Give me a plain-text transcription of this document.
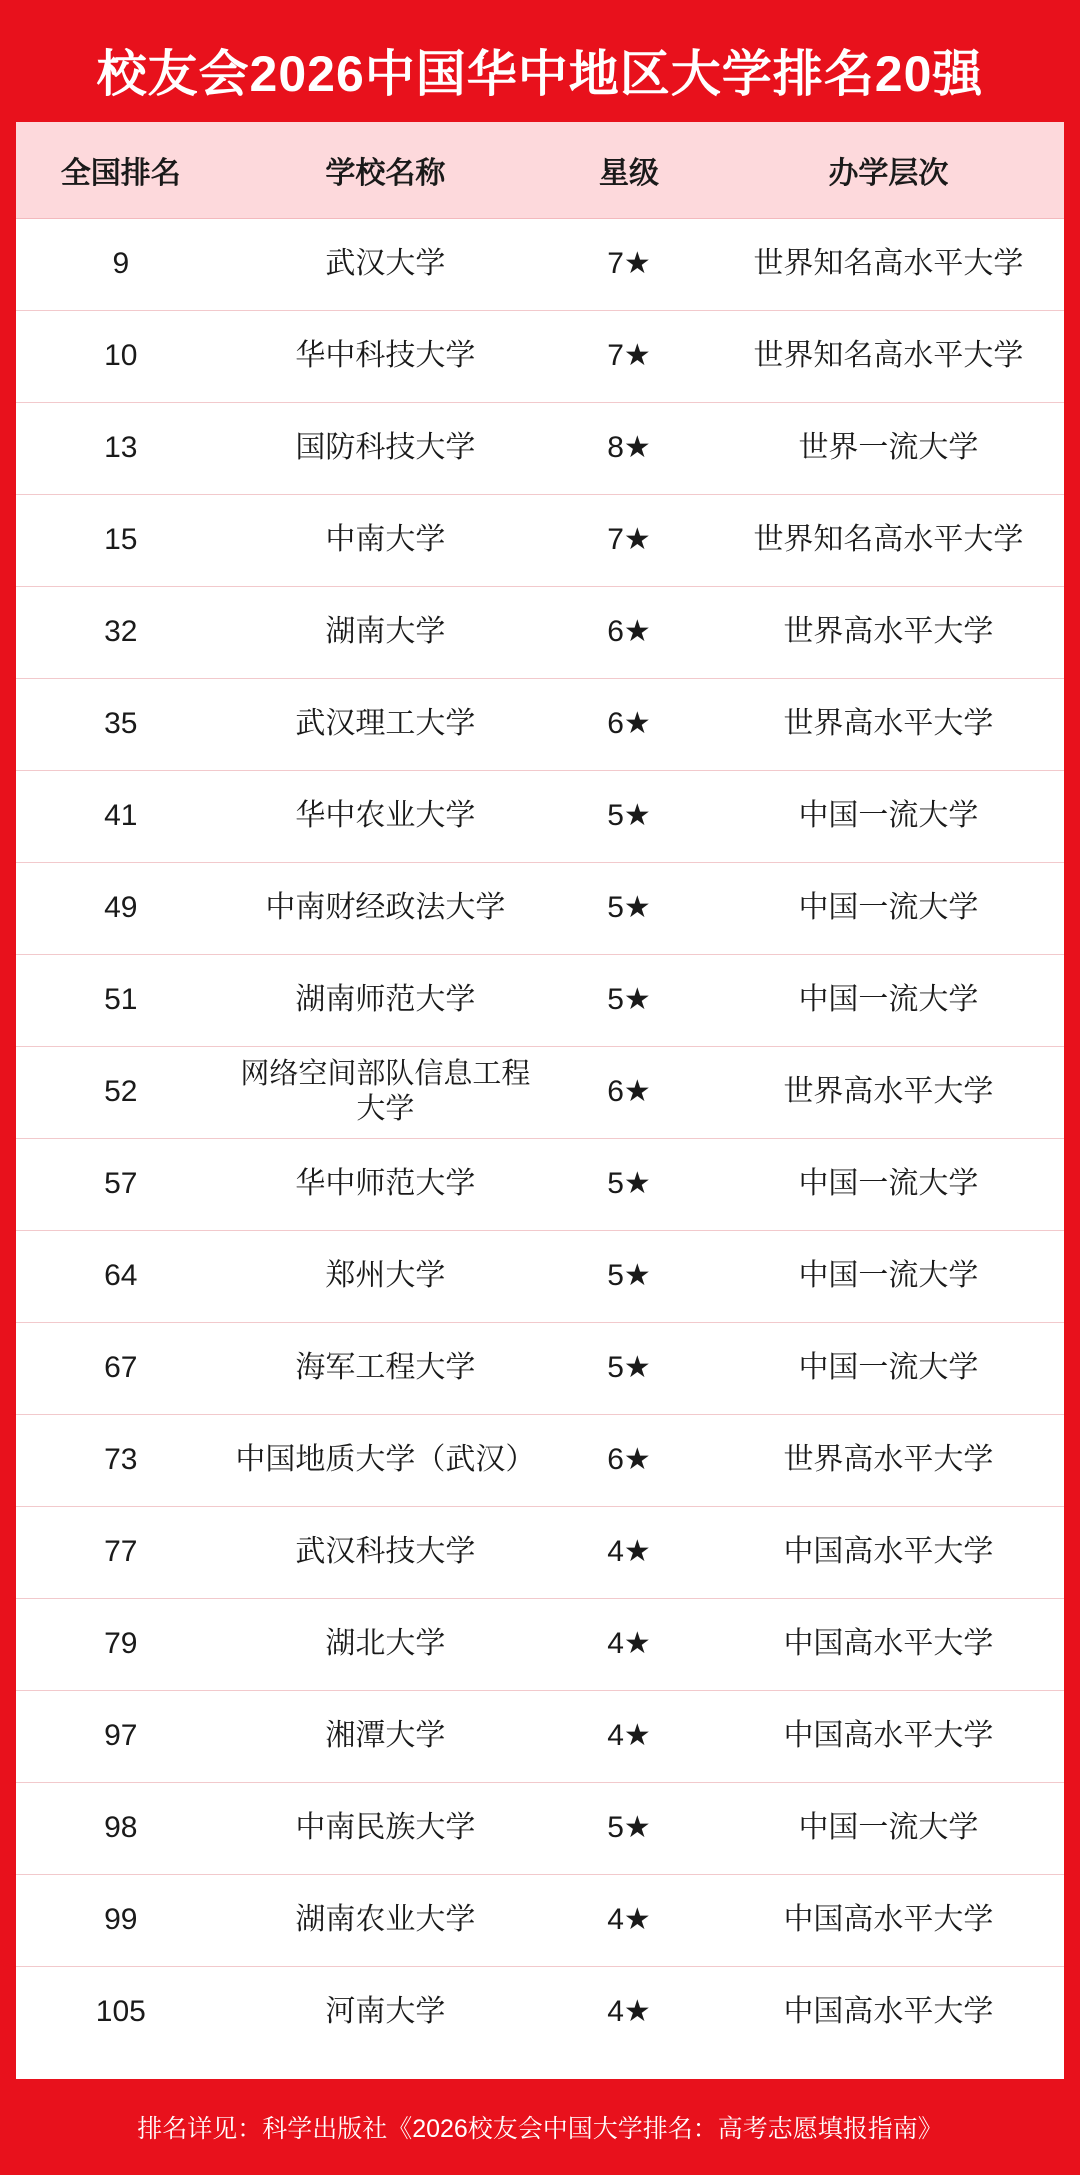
校友会2026中国华中地区大学排名20强
全国排名	学校名称	星级	办学层次
9	武汉大学	7★	世界知名高水平大学
10	华中科技大学	7★	世界知名高水平大学
13	国防科技大学	8★	世界一流大学
15	中南大学	7★	世界知名高水平大学
32	湖南大学	6★	世界高水平大学
35	武汉理工大学	6★	世界高水平大学
41	华中农业大学	5★	中国一流大学
49	中南财经政法大学	5★	中国一流大学
51	湖南师范大学	5★	中国一流大学
52	网络空间部队信息工程大学	6★	世界高水平大学
57	华中师范大学	5★	中国一流大学
64	郑州大学	5★	中国一流大学
67	海军工程大学	5★	中国一流大学
73	中国地质大学（武汉）	6★	世界高水平大学
77	武汉科技大学	4★	中国高水平大学
79	湖北大学	4★	中国高水平大学
97	湘潭大学	4★	中国高水平大学
98	中南民族大学	5★	中国一流大学
99	湖南农业大学	4★	中国高水平大学
105	河南大学	4★	中国高水平大学
排名详见：科学出版社《2026校友会中国大学排名：高考志愿填报指南》
